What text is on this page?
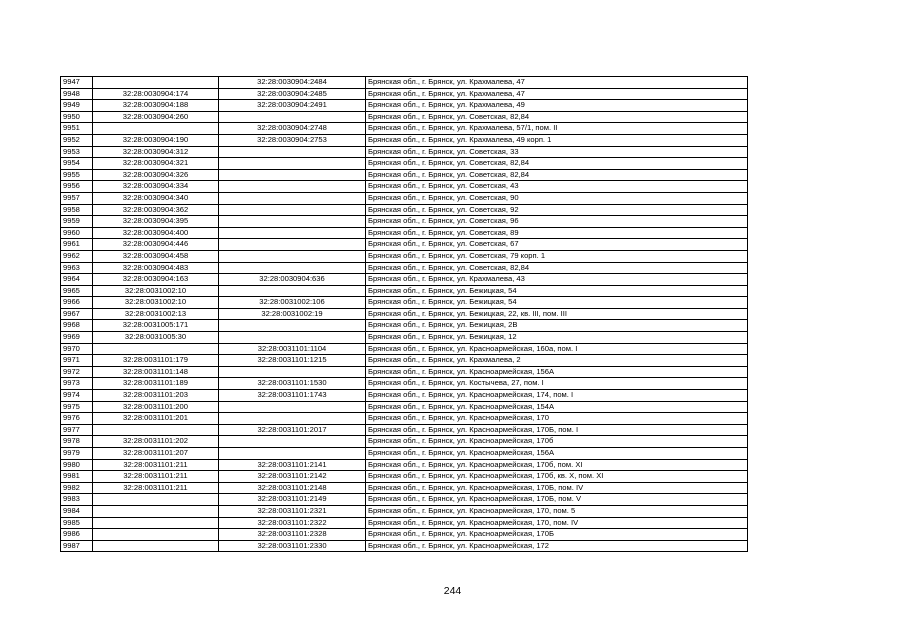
9947		32:28:0030904:2484	Брянская обл., г. Брянск, ул. Крахмалева, 47
9948	32:28:0030904:174	32:28:0030904:2485	Брянская обл., г. Брянск, ул. Крахмалева, 47
9949	32:28:0030904:188	32:28:0030904:2491	Брянская обл., г. Брянск, ул. Крахмалева, 49
9950	32:28:0030904:260		Брянская обл., г. Брянск, ул. Советская, 82,84
9951		32:28:0030904:2748	Брянская обл., г. Брянск, ул. Крахмалева, 57/1, пом. II
9952	32:28:0030904:190	32:28:0030904:2753	Брянская обл., г. Брянск, ул. Крахмалева, 49 корп. 1
9953	32:28:0030904:312		Брянская обл., г. Брянск, ул. Советская, 33
9954	32:28:0030904:321		Брянская обл., г. Брянск, ул. Советская, 82,84
9955	32:28:0030904:326		Брянская обл., г. Брянск, ул. Советская, 82,84
9956	32:28:0030904:334		Брянская обл., г. Брянск, ул. Советская, 43
9957	32:28:0030904:340		Брянская обл., г. Брянск, ул. Советская, 90
9958	32:28:0030904:362		Брянская обл., г. Брянск, ул. Советская, 92
9959	32:28:0030904:395		Брянская обл., г. Брянск, ул. Советская, 96
9960	32:28:0030904:400		Брянская обл., г. Брянск, ул. Советская, 89
9961	32:28:0030904:446		Брянская обл., г. Брянск, ул. Советская, 67
9962	32:28:0030904:458		Брянская обл., г. Брянск, ул. Советская, 79 корп. 1
9963	32:28:0030904:483		Брянская обл., г. Брянск, ул. Советская, 82,84
9964	32:28:0030904:163	32:28:0030904:636	Брянская обл., г. Брянск, ул. Крахмалева, 43
9965	32:28:0031002:10		Брянская обл., г. Брянск, ул. Бежицкая, 54
9966	32:28:0031002:10	32:28:0031002:106	Брянская обл., г. Брянск, ул. Бежицкая, 54
9967	32:28:0031002:13	32:28:0031002:19	Брянская обл., г. Брянск, ул. Бежицкая, 22, кв. III, пом. III
9968	32:28:0031005:171		Брянская обл., г. Брянск, ул. Бежицкая, 2В
9969	32:28:0031005:30		Брянская обл., г. Брянск, ул. Бежицкая, 12
9970		32:28:0031101:1104	Брянская обл., г. Брянск, ул. Красноармейская, 160а, пом. I
9971	32:28:0031101:179	32:28:0031101:1215	Брянская обл., г. Брянск, ул. Крахмалева, 2
9972	32:28:0031101:148		Брянская обл., г. Брянск, ул. Красноармейская, 156А
9973	32:28:0031101:189	32:28:0031101:1530	Брянская обл., г. Брянск, ул. Костычева, 27, пом. I
9974	32:28:0031101:203	32:28:0031101:1743	Брянская обл., г. Брянск, ул. Красноармейская, 174, пом. I
9975	32:28:0031101:200		Брянская обл., г. Брянск, ул. Красноармейская, 154А
9976	32:28:0031101:201		Брянская обл., г. Брянск, ул. Красноармейская, 170
9977		32:28:0031101:2017	Брянская обл., г. Брянск, ул. Красноармейская, 170Б, пом. I
9978	32:28:0031101:202		Брянская обл., г. Брянск, ул. Красноармейская, 170б
9979	32:28:0031101:207		Брянская обл., г. Брянск, ул. Красноармейская, 156А
9980	32:28:0031101:211	32:28:0031101:2141	Брянская обл., г. Брянск, ул. Красноармейская, 170б, пом. XI
9981	32:28:0031101:211	32:28:0031101:2142	Брянская обл., г. Брянск, ул. Красноармейская, 170б, кв. X, пом. XI
9982	32:28:0031101:211	32:28:0031101:2148	Брянская обл., г. Брянск, ул. Красноармейская, 170Б, пом. IV
9983		32:28:0031101:2149	Брянская обл., г. Брянск, ул. Красноармейская, 170Б, пом. V
9984		32:28:0031101:2321	Брянская обл., г. Брянск, ул. Красноармейская, 170, пом. 5
9985		32:28:0031101:2322	Брянская обл., г. Брянск, ул. Красноармейская, 170, пом. IV
9986		32:28:0031101:2328	Брянская обл., г. Брянск, ул. Красноармейская, 170Б
9987		32:28:0031101:2330	Брянская обл., г. Брянск, ул. Красноармейская, 172
244
